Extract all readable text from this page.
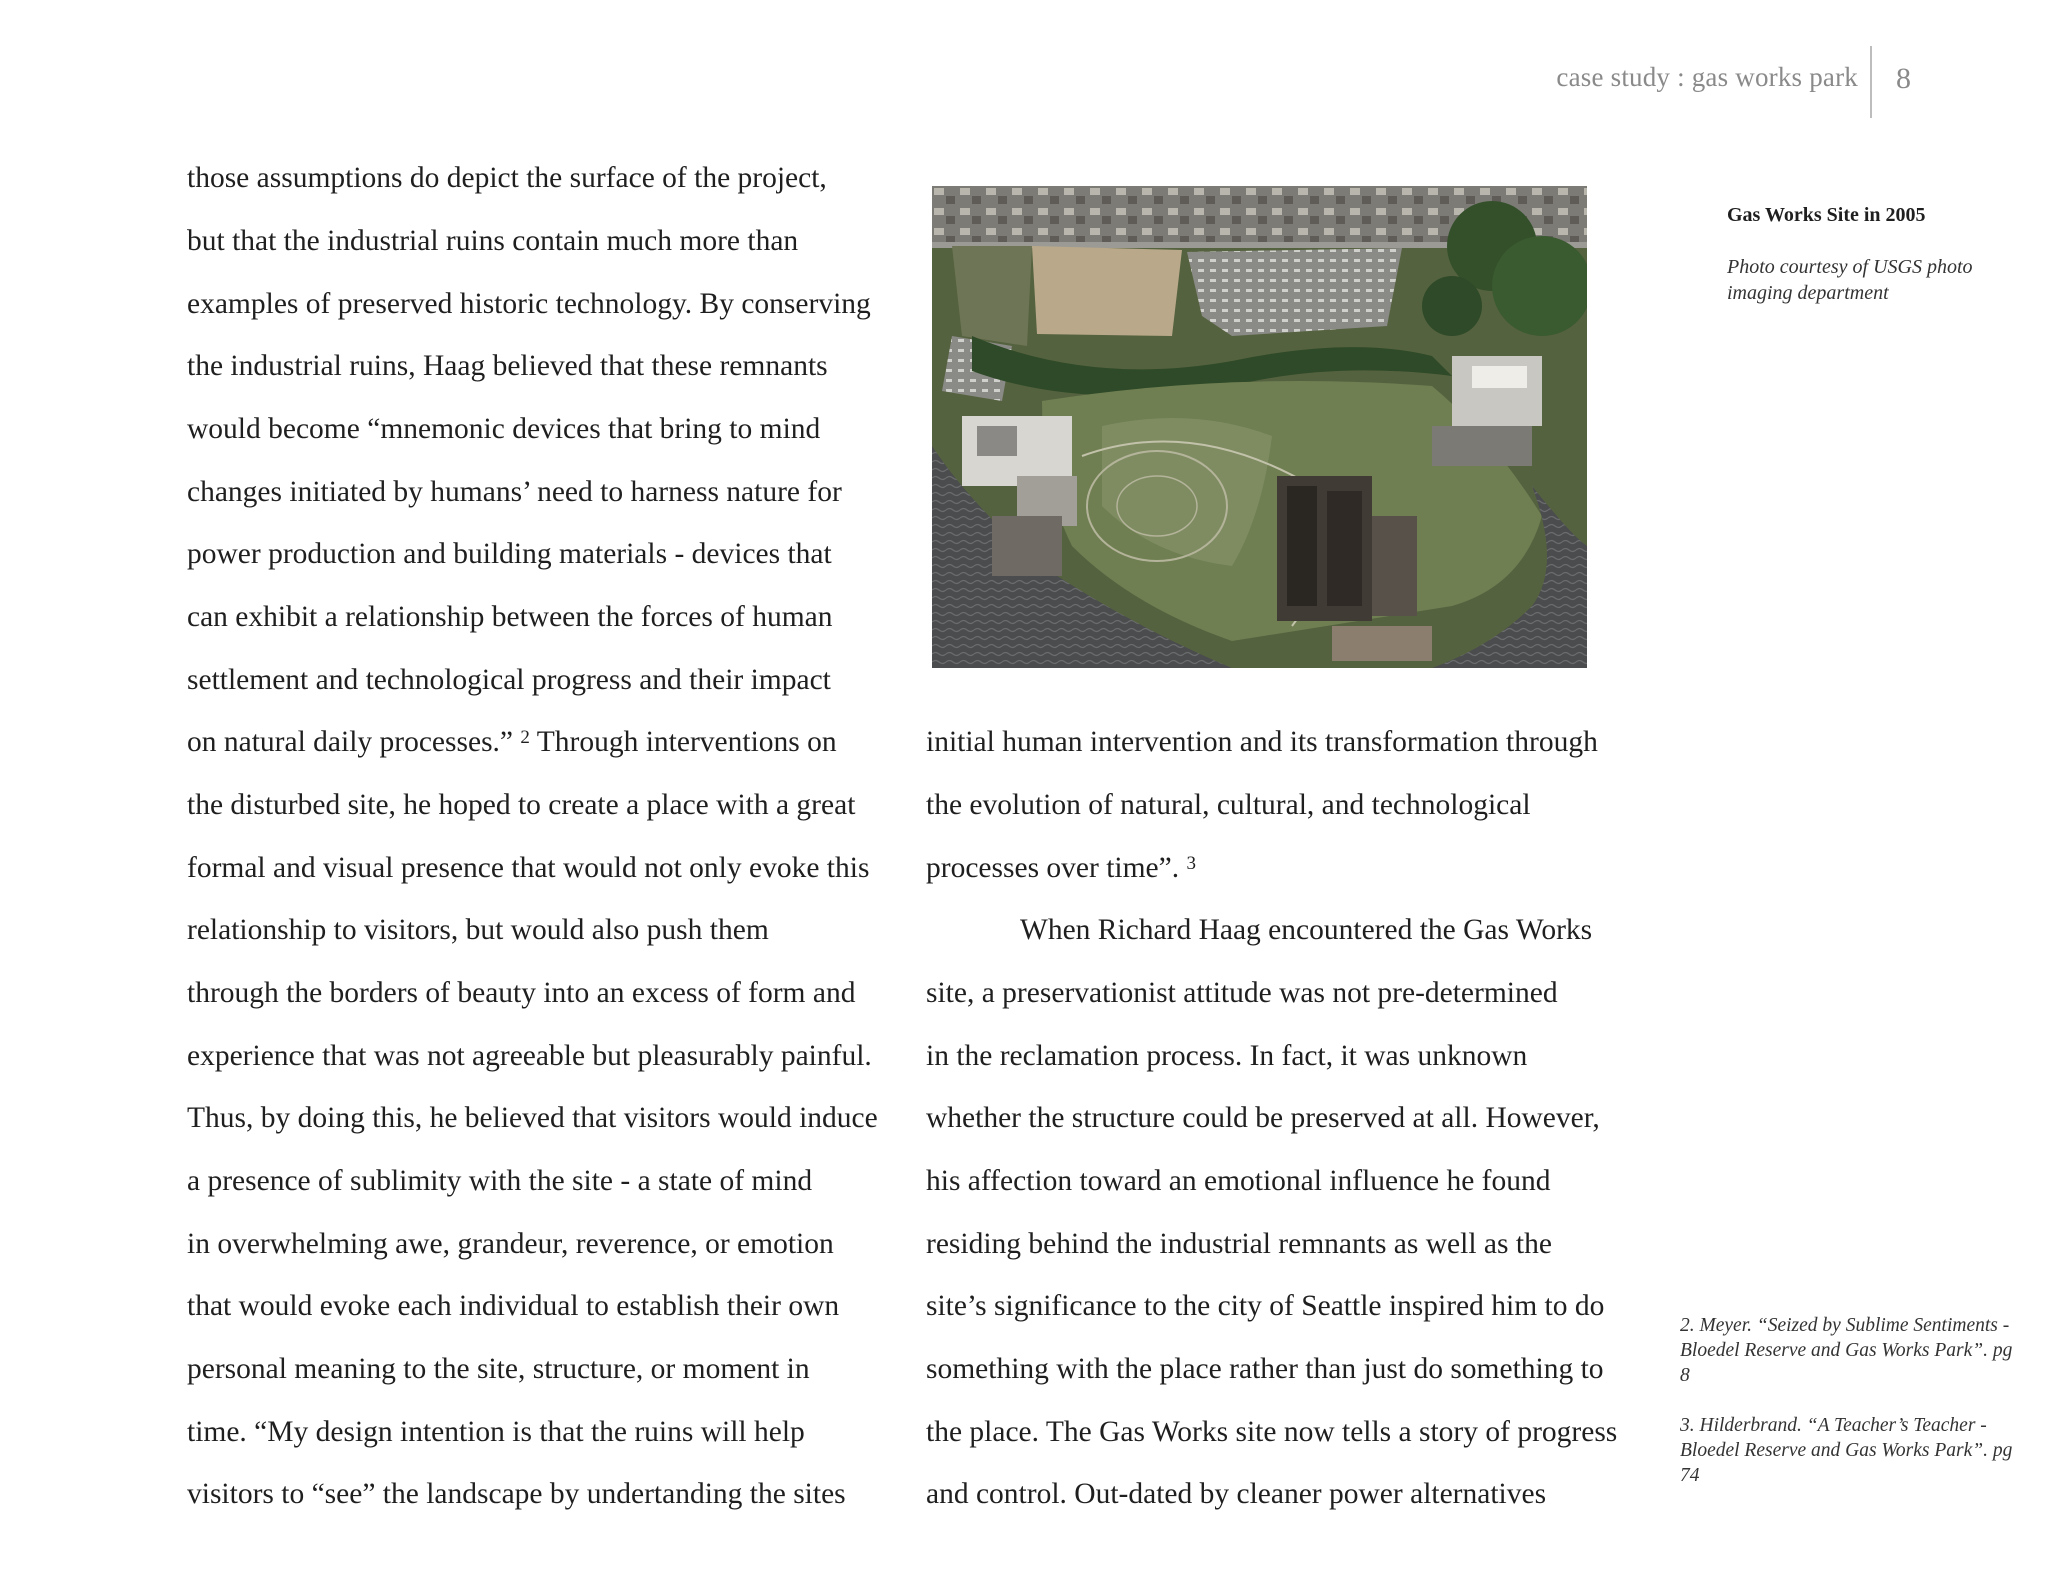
case study : gas works park 8
those assumptions do depict the surface of the project,
but that the industrial ruins contain much more than
examples of preserved historic technology. By conserving
the industrial ruins, Haag believed that these remnants
would become “mnemonic devices that bring to mind
changes initiated by humans’ need to harness nature for
power production and building materials - devices that
can exhibit a relationship between the forces of human
settlement and technological progress and their impact
on natural daily processes.” $^2$ Through interventions on
the disturbed site, he hoped to create a place with a great
formal and visual presence that would not only evoke this
relationship to visitors, but would also push them
through the borders of beauty into an excess of form and
experience that was not agreeable but pleasurably painful.
Thus, by doing this, he believed that visitors would induce
a presence of sublimity with the site - a state of mind
in overwhelming awe, grandeur, reverence, or emotion
that would evoke each individual to establish their own
personal meaning to the site, structure, or moment in
time. “My design intention is that the ruins will help
visitors to “see” the landscape by undertanding the sites
Gas Works Site in 2005
Photo courtesy of USGS photo imaging department
initial human intervention and its transformation through
the evolution of natural, cultural, and technological
processes over time”. $^3$
When Richard Haag encountered the Gas Works
site, a preservationist attitude was not pre-determined
in the reclamation process. In fact, it was unknown
whether the structure could be preserved at all. However,
his affection toward an emotional influence he found
residing behind the industrial remnants as well as the
site’s significance to the city of Seattle inspired him to do
something with the place rather than just do something to
the place. The Gas Works site now tells a story of progress
and control. Out-dated by cleaner power alternatives

2. Meyer. “Seized by Sublime Sentiments - Bloedel Reserve and Gas Works Park”. pg 8

3. Hilderbrand. “A Teacher’s Teacher - Bloedel Reserve and Gas Works Park”. pg 74
